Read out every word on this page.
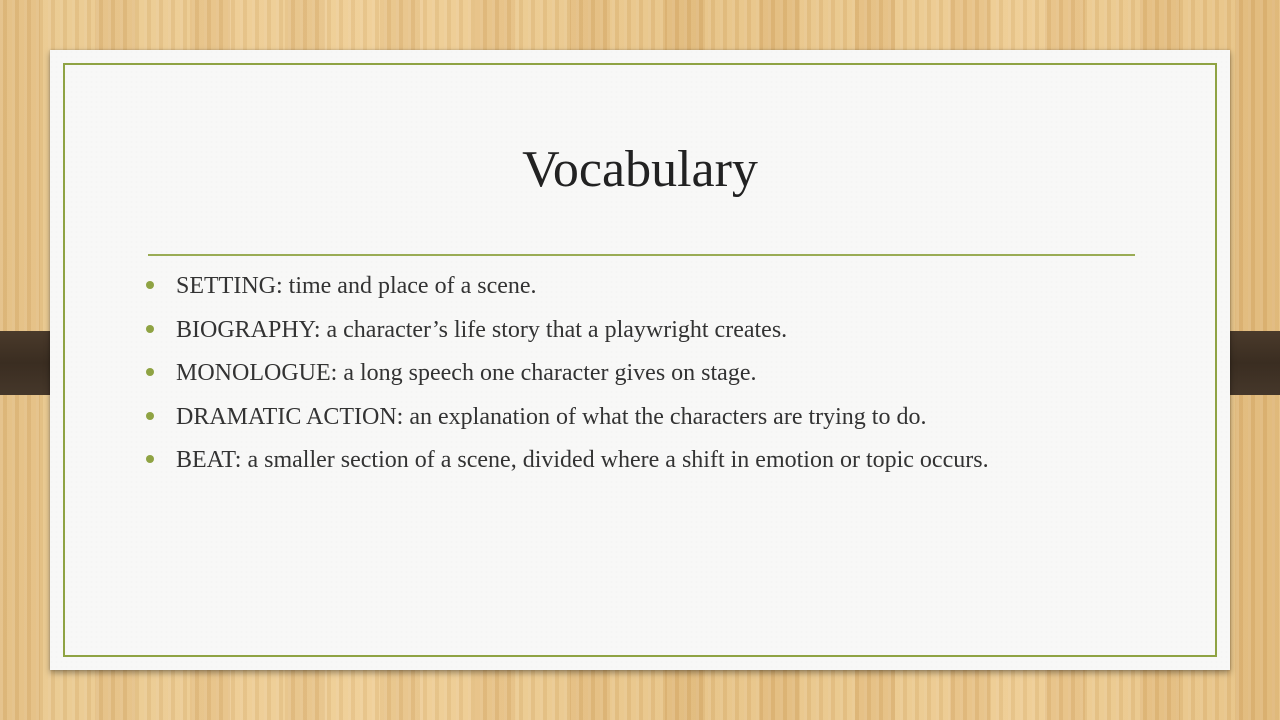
Vocabulary
SETTING: time and place of a scene.
BIOGRAPHY: a character’s life story that a playwright creates.
MONOLOGUE: a long speech one character gives on stage.
DRAMATIC ACTION: an explanation of what the characters are trying to do.
BEAT: a smaller section of a scene, divided where a shift in emotion or topic occurs.
